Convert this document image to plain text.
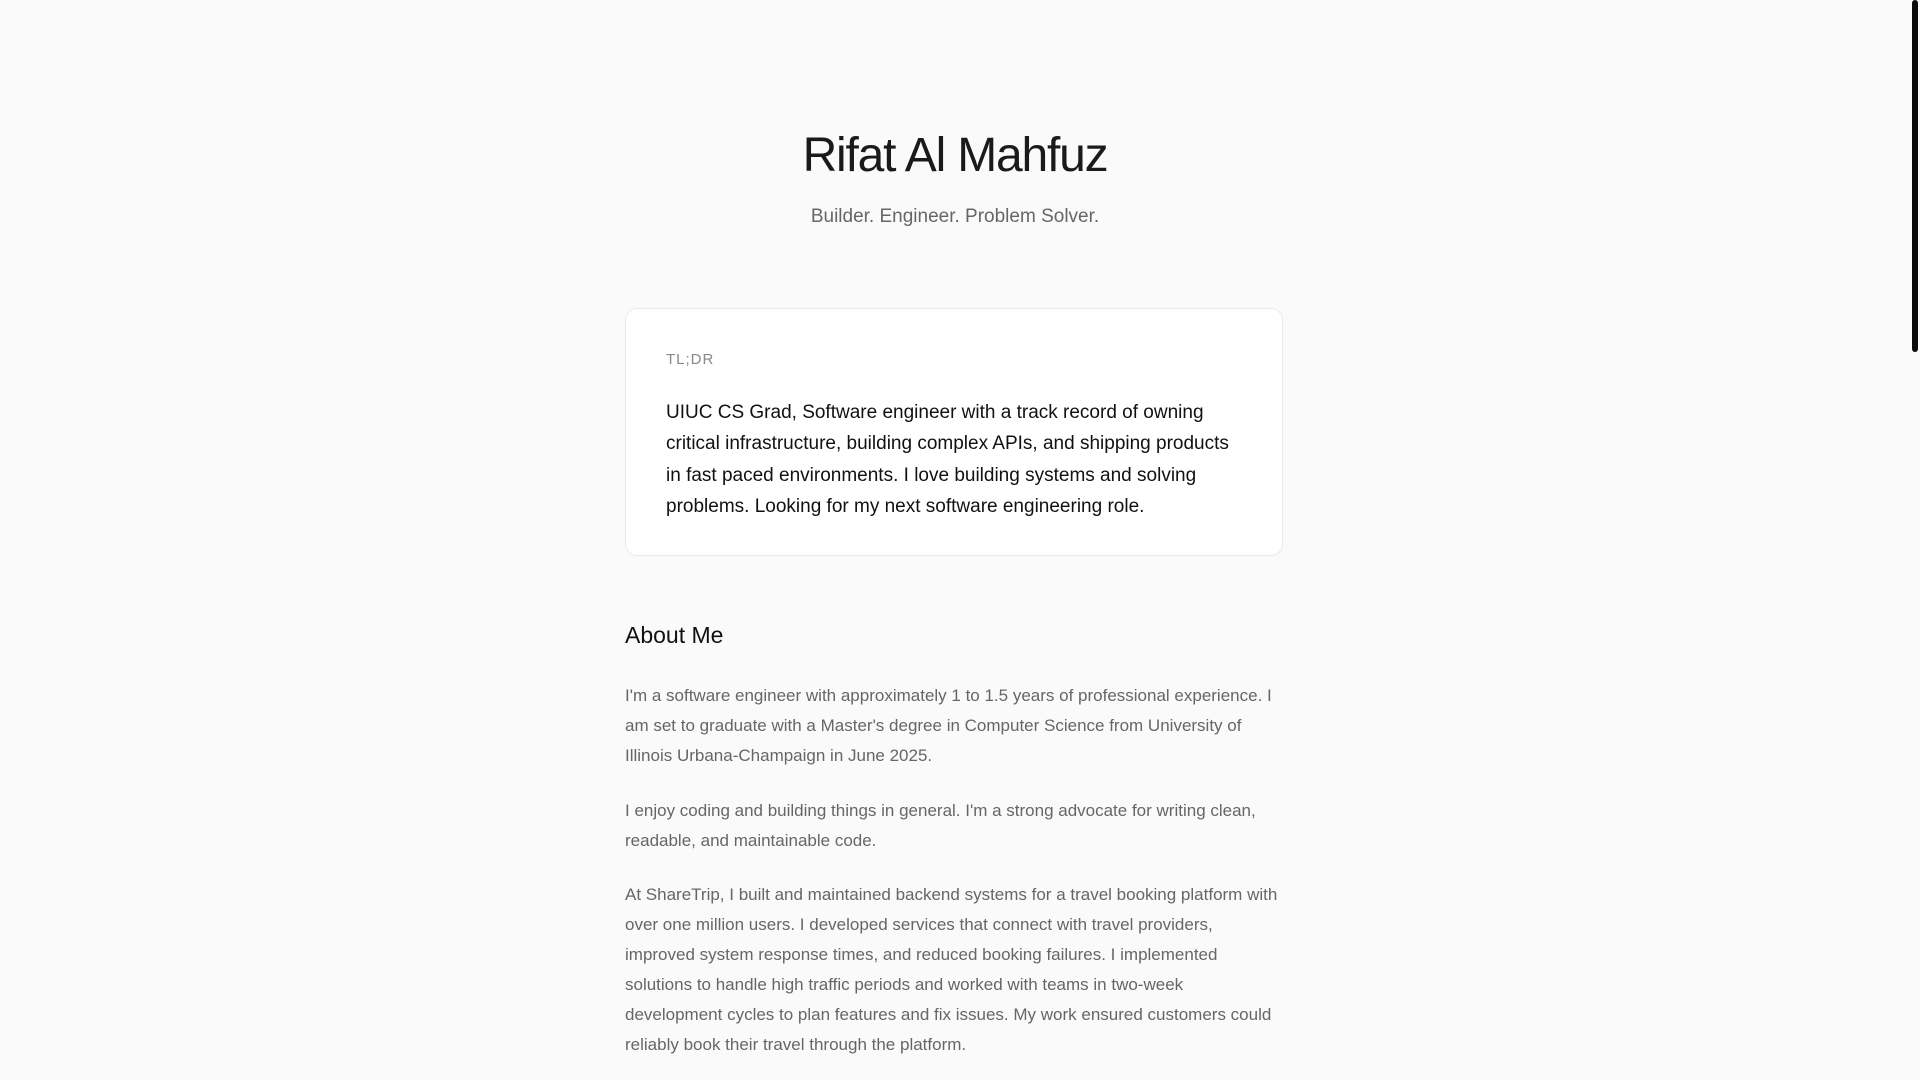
Rifat Al Mahfuz
Builder. Engineer. Problem Solver.
TL;DR
UIUC CS Grad, Software engineer with a track record of owning critical infrastructure, building complex APIs, and shipping products in fast paced environments. I love building systems and solving problems. Looking for my next software engineering role.
About Me

I'm a software engineer with approximately 1 to 1.5 years of professional experience. I am set to graduate with a Master's degree in Computer Science from University of Illinois Urbana-Champaign in June 2025.

I enjoy coding and building things in general. I'm a strong advocate for writing clean, readable, and maintainable code.

At ShareTrip, I built and maintained backend systems for a travel booking platform with over one million users. I developed services that connect with travel providers, improved system response times, and reduced booking failures. I implemented solutions to handle high traffic periods and worked with teams in two-week development cycles to plan features and fix issues. My work ensured customers could reliably book their travel through the platform.
